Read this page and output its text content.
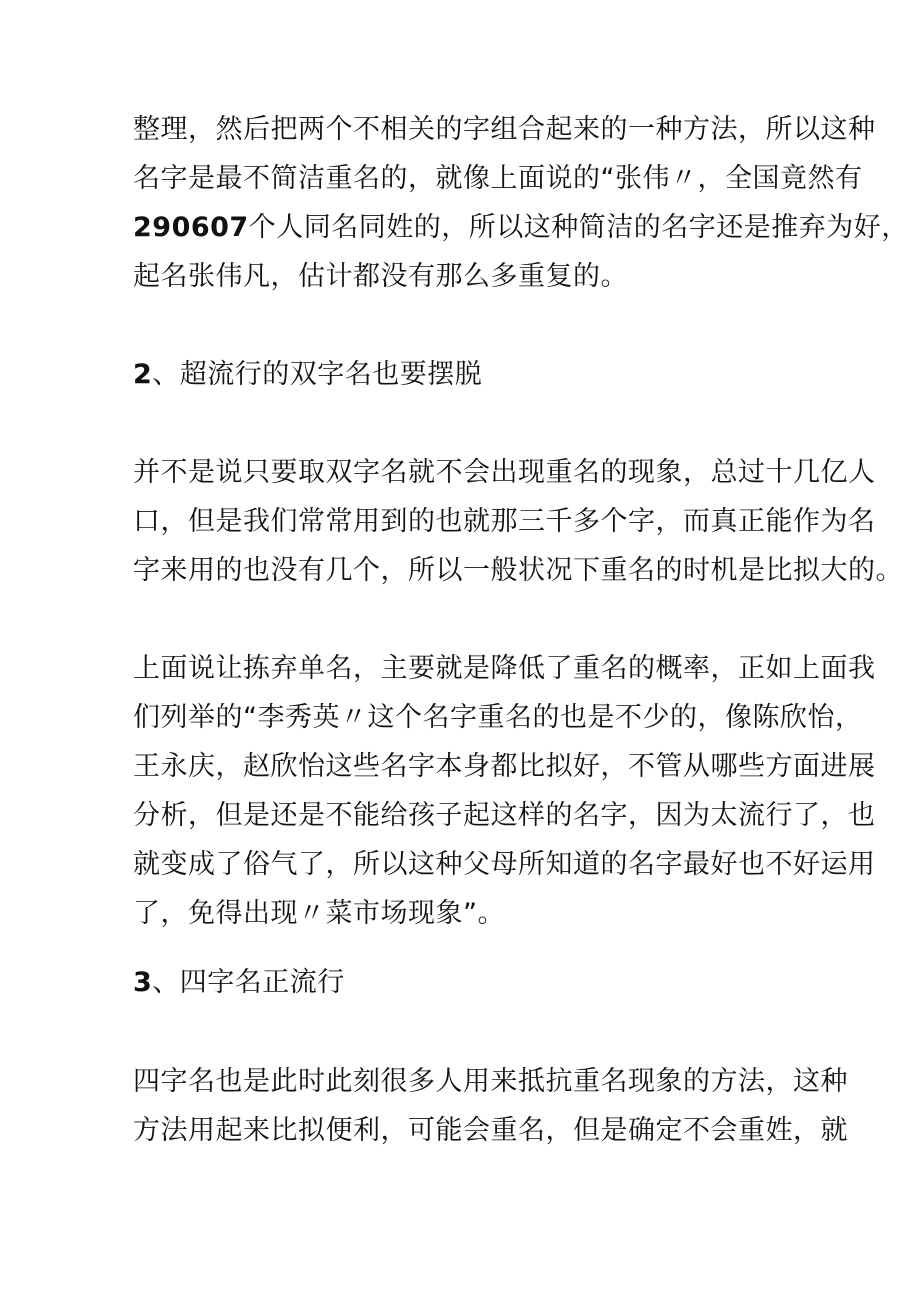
整理，然后把两个不相关的字组合起来的一种方法，所以这种
名字是最不简洁重名的，就像上面说的“张伟〃，全国竟然有
290607个人同名同姓的，所以这种简洁的名字还是推弃为好，
起名张伟凡，估计都没有那么多重复的。
2、超流行的双字名也要摆脱
并不是说只要取双字名就不会出现重名的现象，总过十几亿人
口，但是我们常常用到的也就那三千多个字，而真正能作为名
字来用的也没有几个，所以一般状况下重名的时机是比拟大的。
上面说让拣弃单名，主要就是降低了重名的概率，正如上面我
们列举的“李秀英〃这个名字重名的也是不少的，像陈欣怡，
王永庆，赵欣怡这些名字本身都比拟好，不管从哪些方面进展
分析，但是还是不能给孩子起这样的名字，因为太流行了，也
就变成了俗气了，所以这种父母所知道的名字最好也不好运用
了，免得出现〃菜市场现象”。
3、四字名正流行
四字名也是此时此刻很多人用来抵抗重名现象的方法，这种
方法用起来比拟便利，可能会重名，但是确定不会重姓，就
